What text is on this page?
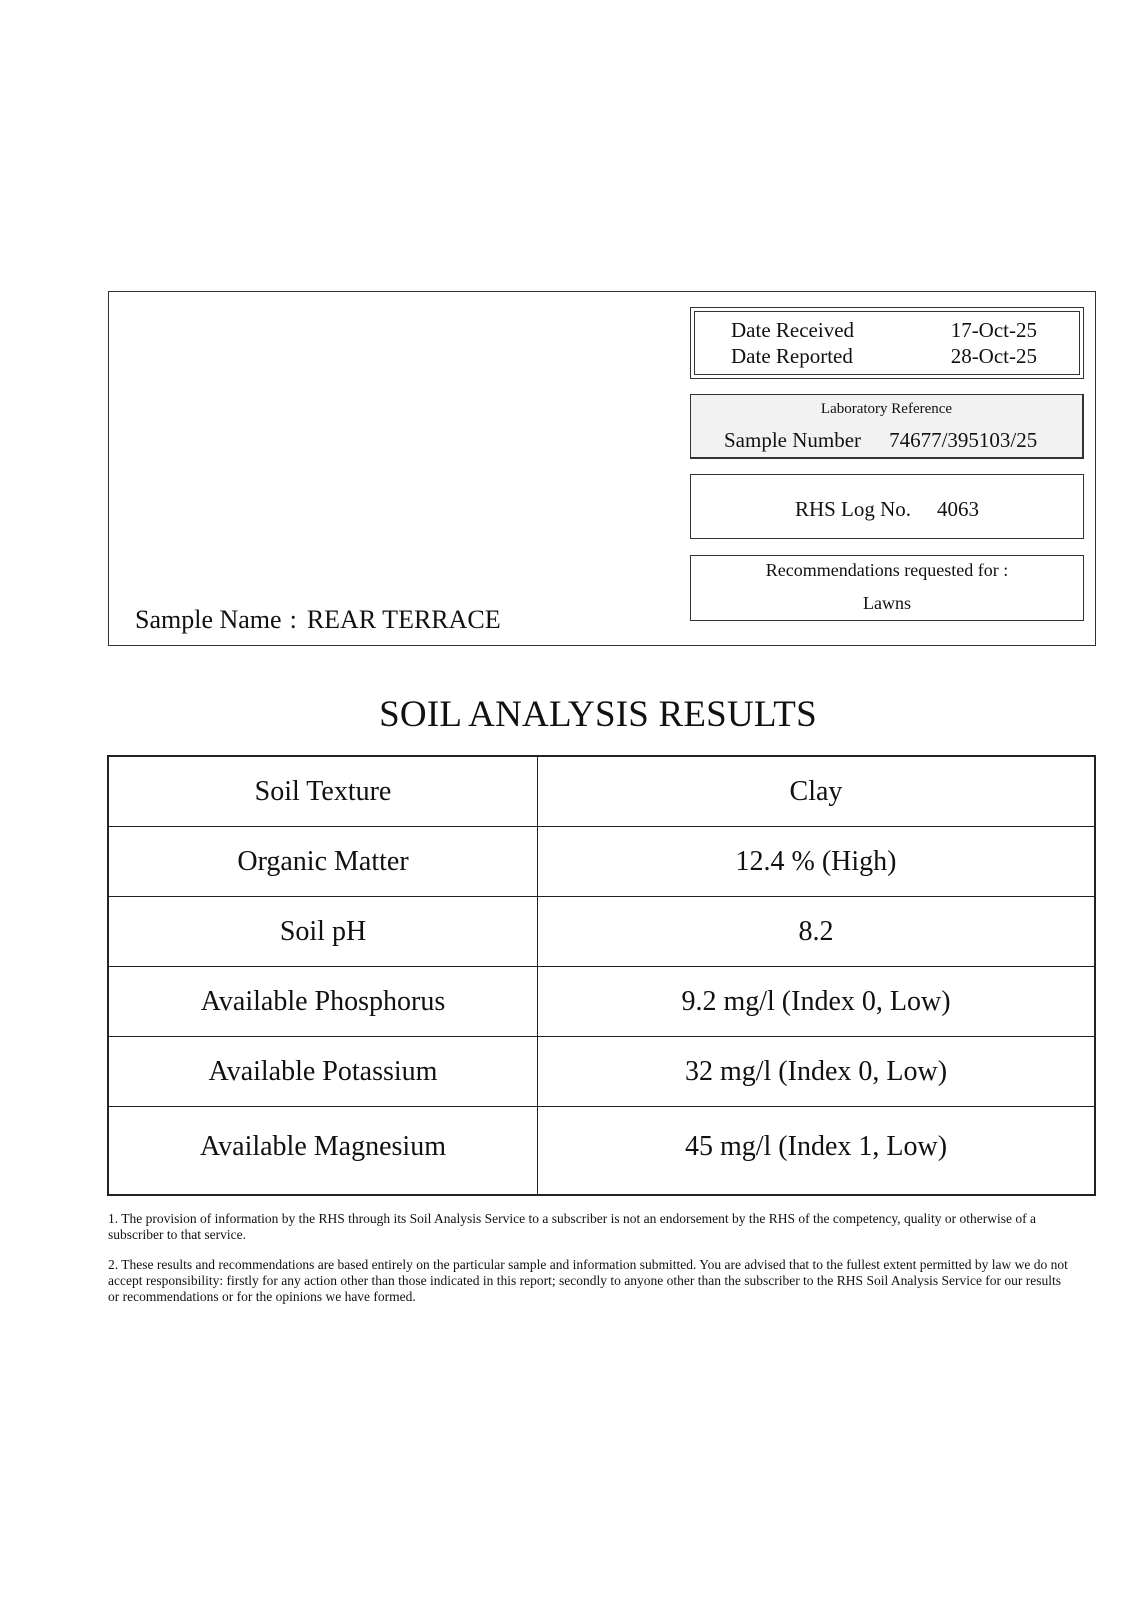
Date Received	17-Oct-25
Date Reported	28-Oct-25
Laboratory Reference
Sample Number 74677/395103/25
RHS Log No. 4063
Recommendations requested for :
Lawns
Sample Name : REAR TERRACE
SOIL ANALYSIS RESULTS
Soil Texture	Clay
Organic Matter	12.4 % (High)
Soil pH	8.2
Available Phosphorus	9.2 mg/l (Index 0, Low)
Available Potassium	32 mg/l (Index 0, Low)
Available Magnesium	45 mg/l (Index 1, Low)

1. The provision of information by the RHS through its Soil Analysis Service to a subscriber is not an endorsement by the RHS of the competency, quality or otherwise of a subscriber to that service.

2. These results and recommendations are based entirely on the particular sample and information submitted. You are advised that to the fullest extent permitted by law we do not accept responsibility: firstly for any action other than those indicated in this report; secondly to anyone other than the subscriber to the RHS Soil Analysis Service for our results or recommendations or for the opinions we have formed.
